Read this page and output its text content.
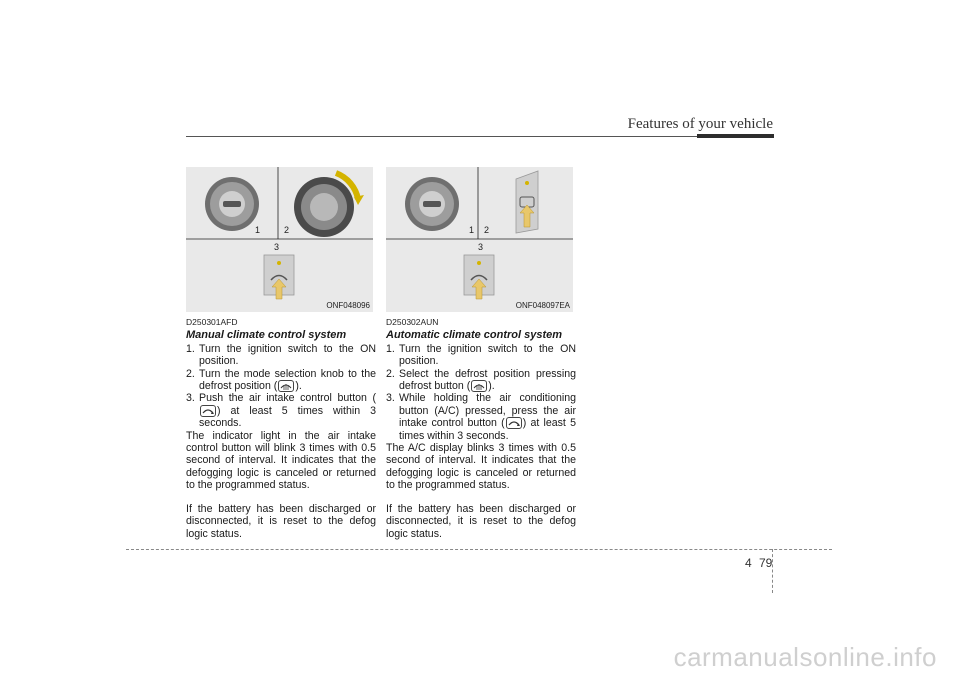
Features of your vehicle
1	2
3
ONF048096
1 2
3
ONF048097EA
D250301AFD
Manual climate control system
1. Turn the ignition switch to the ON position.
2. Turn the mode selection knob to the defrost position ( ).
3. Push the air intake control button (
) at least 5 times within 3 seconds.

The indicator light in the air intake control button will blink 3 times with 0.5 second of interval. It indicates that the defogging logic is canceled or returned to the programmed status.

If the battery has been discharged or disconnected, it is reset to the defog logic status.

D250302AUN
Automatic climate control system
1. Turn the ignition switch to the ON position.
2. Select the defrost position pressing defrost button ( ).
3. While holding the air conditioning button (A/C) pressed, press the air intake control button ( ) at least 5 times within 3 seconds.

The A/C display blinks 3 times with 0.5 second of interval. It indicates that the defogging logic is canceled or returned to the programmed status.

If the battery has been discharged or disconnected, it is reset to the defog logic status.

4 79
carmanualsonline.info
